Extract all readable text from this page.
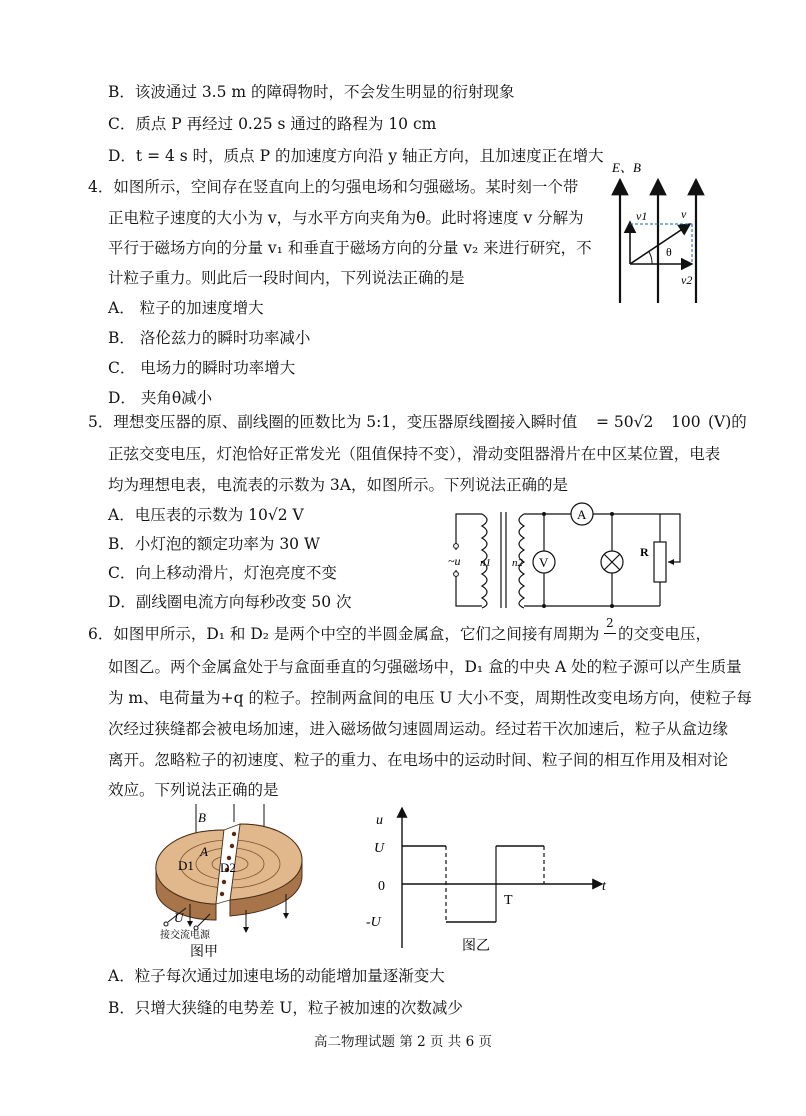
B．该波通过 3.5 m 的障碍物时，不会发生明显的衍射现象
C．质点 P 再经过 0.25 s 通过的路程为 10 cm
D．t = 4 s 时，质点 P 的加速度方向沿 y 轴正方向，且加速度正在增大
4．如图所示，空间存在竖直向上的匀强电场和匀强磁场。某时刻一个带
正电粒子速度的大小为 v，与水平方向夹角为θ。此时将速度 v 分解为
平行于磁场方向的分量 v₁ 和垂直于磁场方向的分量 v₂ 来进行研究，不
计粒子重力。则此后一段时间内，下列说法正确的是
A． 粒子的加速度增大
B． 洛伦兹力的瞬时功率减小
C． 电场力的瞬时功率增大
D． 夹角θ减小
E、B
v1	v
θ
v2
5．理想变压器的原、副线圈的匝数比为 5:1，变压器原线圈接入瞬时值 = 50√2 100 (V)的
正弦交变电压，灯泡恰好正常发光（阻值保持不变），滑动变阻器滑片在中区某位置，电表
均为理想电表，电流表的示数为 3A，如图所示。下列说法正确的是
A．电压表的示数为 10√2 V
B．小灯泡的额定功率为 30 W
C．向上移动滑片，灯泡亮度不变
D．副线圈电流方向每秒改变 50 次
~u n1 n2
A
V
R
6．如图甲所示，D₁ 和 D₂ 是两个中空的半圆金属盒，它们之间接有周期为
2
的交变电压，
如图乙。两个金属盒处于与盒面垂直的匀强磁场中，D₁ 盒的中央 A 处的粒子源可以产生质量
为 m、电荷量为+q 的粒子。控制两盒间的电压 U 大小不变，周期性改变电场方向，使粒子每
次经过狭缝都会被电场加速，进入磁场做匀速圆周运动。经过若干次加速后，粒子从盒边缘
离开。忽略粒子的初速度、粒子的重力、在电场中的运动时间、粒子间的相互作用及相对论
效应。下列说法正确的是
B
A
D1 D2
U
接交流电源
图甲
u
t
U
0
-U
T
图乙
A．粒子每次通过加速电场的动能增加量逐渐变大
B．只增大狭缝的电势差 U，粒子被加速的次数减少
高二物理试题 第 2 页 共 6 页
